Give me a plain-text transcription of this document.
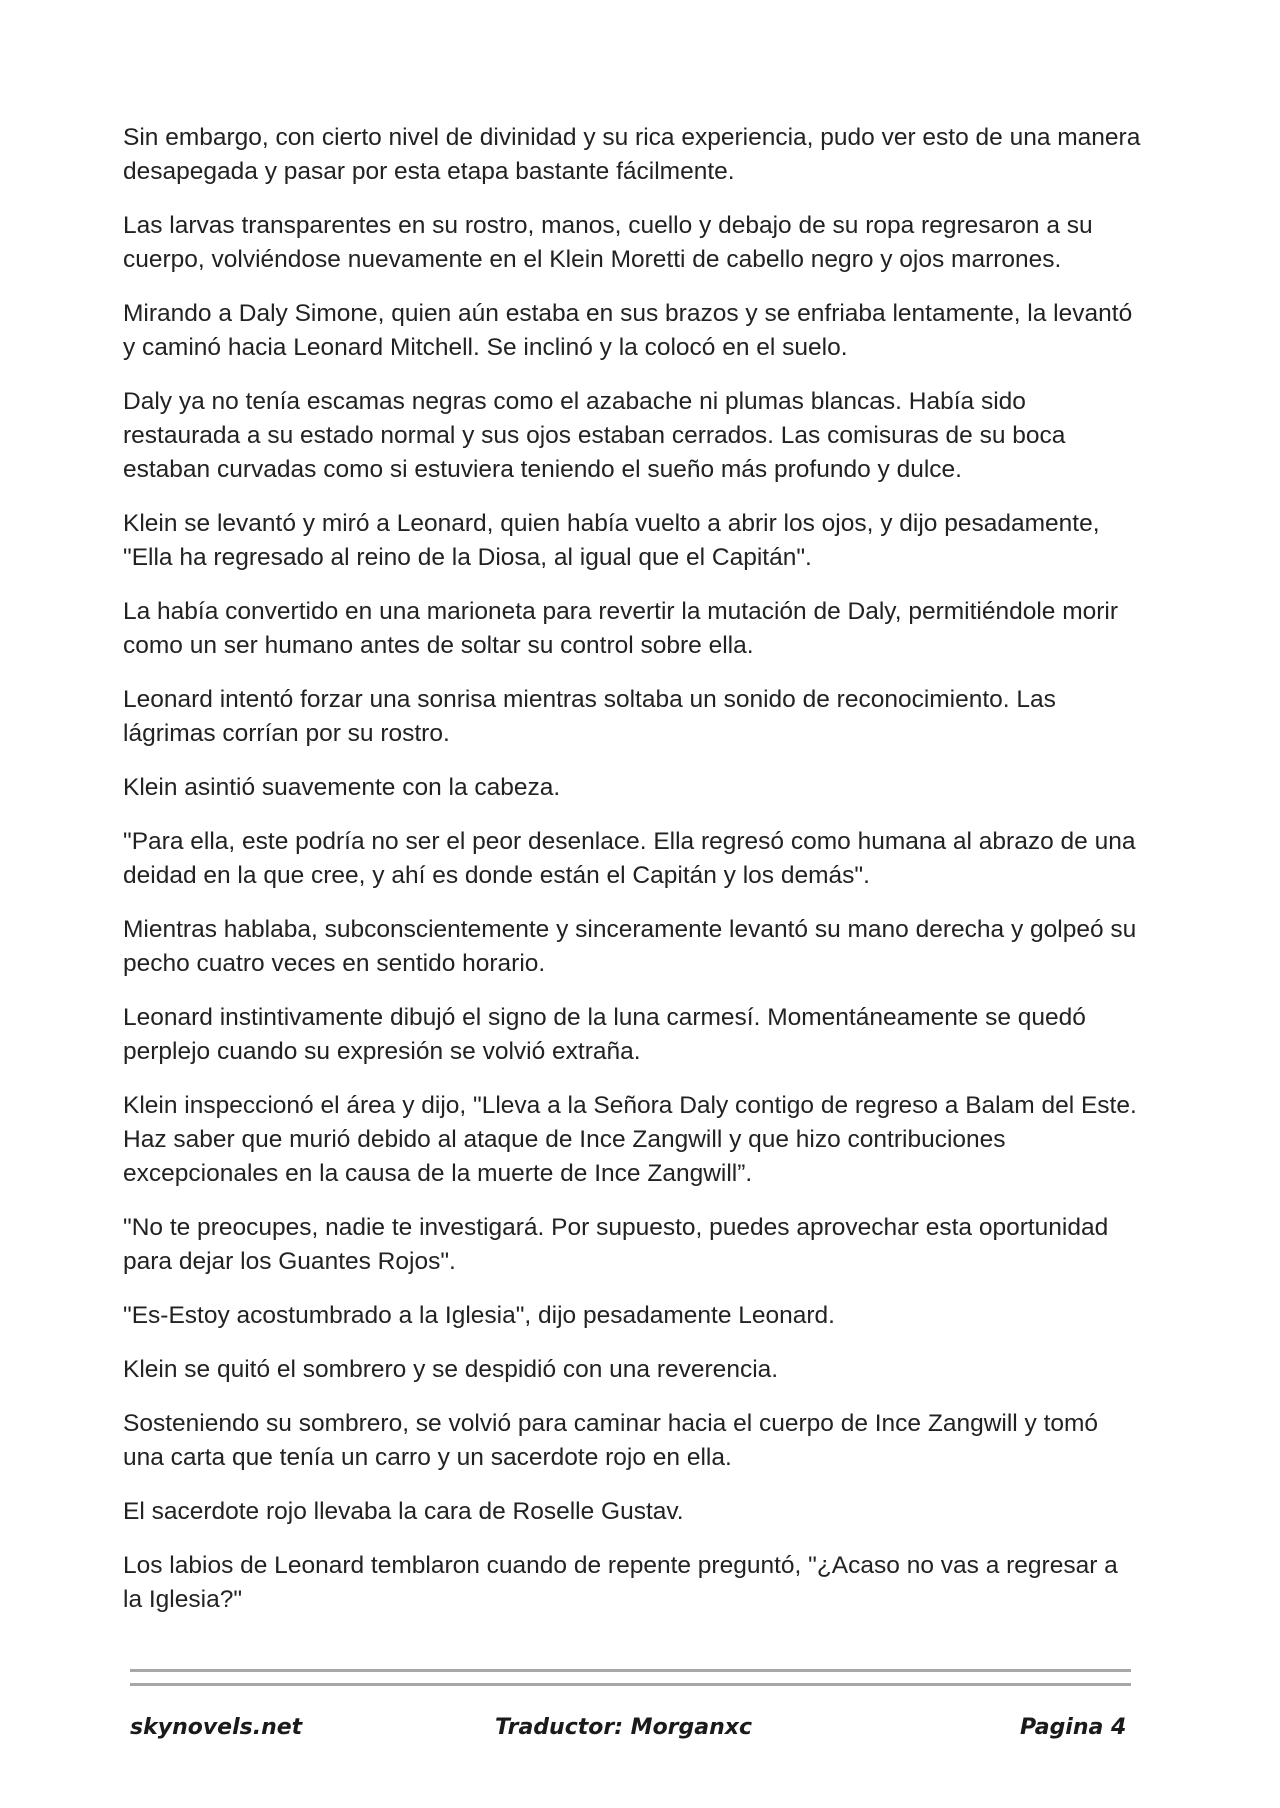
Sin embargo, con cierto nivel de divinidad y su rica experiencia, pudo ver esto de una manera desapegada y pasar por esta etapa bastante fácilmente.

Las larvas transparentes en su rostro, manos, cuello y debajo de su ropa regresaron a su cuerpo, volviéndose nuevamente en el Klein Moretti de cabello negro y ojos marrones.

Mirando a Daly Simone, quien aún estaba en sus brazos y se enfriaba lentamente, la levantó y caminó hacia Leonard Mitchell. Se inclinó y la colocó en el suelo.

Daly ya no tenía escamas negras como el azabache ni plumas blancas. Había sido restaurada a su estado normal y sus ojos estaban cerrados. Las comisuras de su boca estaban curvadas como si estuviera teniendo el sueño más profundo y dulce.

Klein se levantó y miró a Leonard, quien había vuelto a abrir los ojos, y dijo pesadamente, "Ella ha regresado al reino de la Diosa, al igual que el Capitán".

La había convertido en una marioneta para revertir la mutación de Daly, permitiéndole morir como un ser humano antes de soltar su control sobre ella.

Leonard intentó forzar una sonrisa mientras soltaba un sonido de reconocimiento. Las lágrimas corrían por su rostro.

Klein asintió suavemente con la cabeza.

"Para ella, este podría no ser el peor desenlace. Ella regresó como humana al abrazo de una deidad en la que cree, y ahí es donde están el Capitán y los demás".

Mientras hablaba, subconscientemente y sinceramente levantó su mano derecha y golpeó su pecho cuatro veces en sentido horario.

Leonard instintivamente dibujó el signo de la luna carmesí. Momentáneamente se quedó perplejo cuando su expresión se volvió extraña.

Klein inspeccionó el área y dijo, "Lleva a la Señora Daly contigo de regreso a Balam del Este. Haz saber que murió debido al ataque de Ince Zangwill y que hizo contribuciones excepcionales en la causa de la muerte de Ince Zangwill”.

"No te preocupes, nadie te investigará. Por supuesto, puedes aprovechar esta oportunidad para dejar los Guantes Rojos".

"Es-Estoy acostumbrado a la Iglesia", dijo pesadamente Leonard.

Klein se quitó el sombrero y se despidió con una reverencia.

Sosteniendo su sombrero, se volvió para caminar hacia el cuerpo de Ince Zangwill y tomó una carta que tenía un carro y un sacerdote rojo en ella.

El sacerdote rojo llevaba la cara de Roselle Gustav.

Los labios de Leonard temblaron cuando de repente preguntó, "¿Acaso no vas a regresar a la Iglesia?"

skynovels.net	Traductor: Morganxc	Pagina 4
